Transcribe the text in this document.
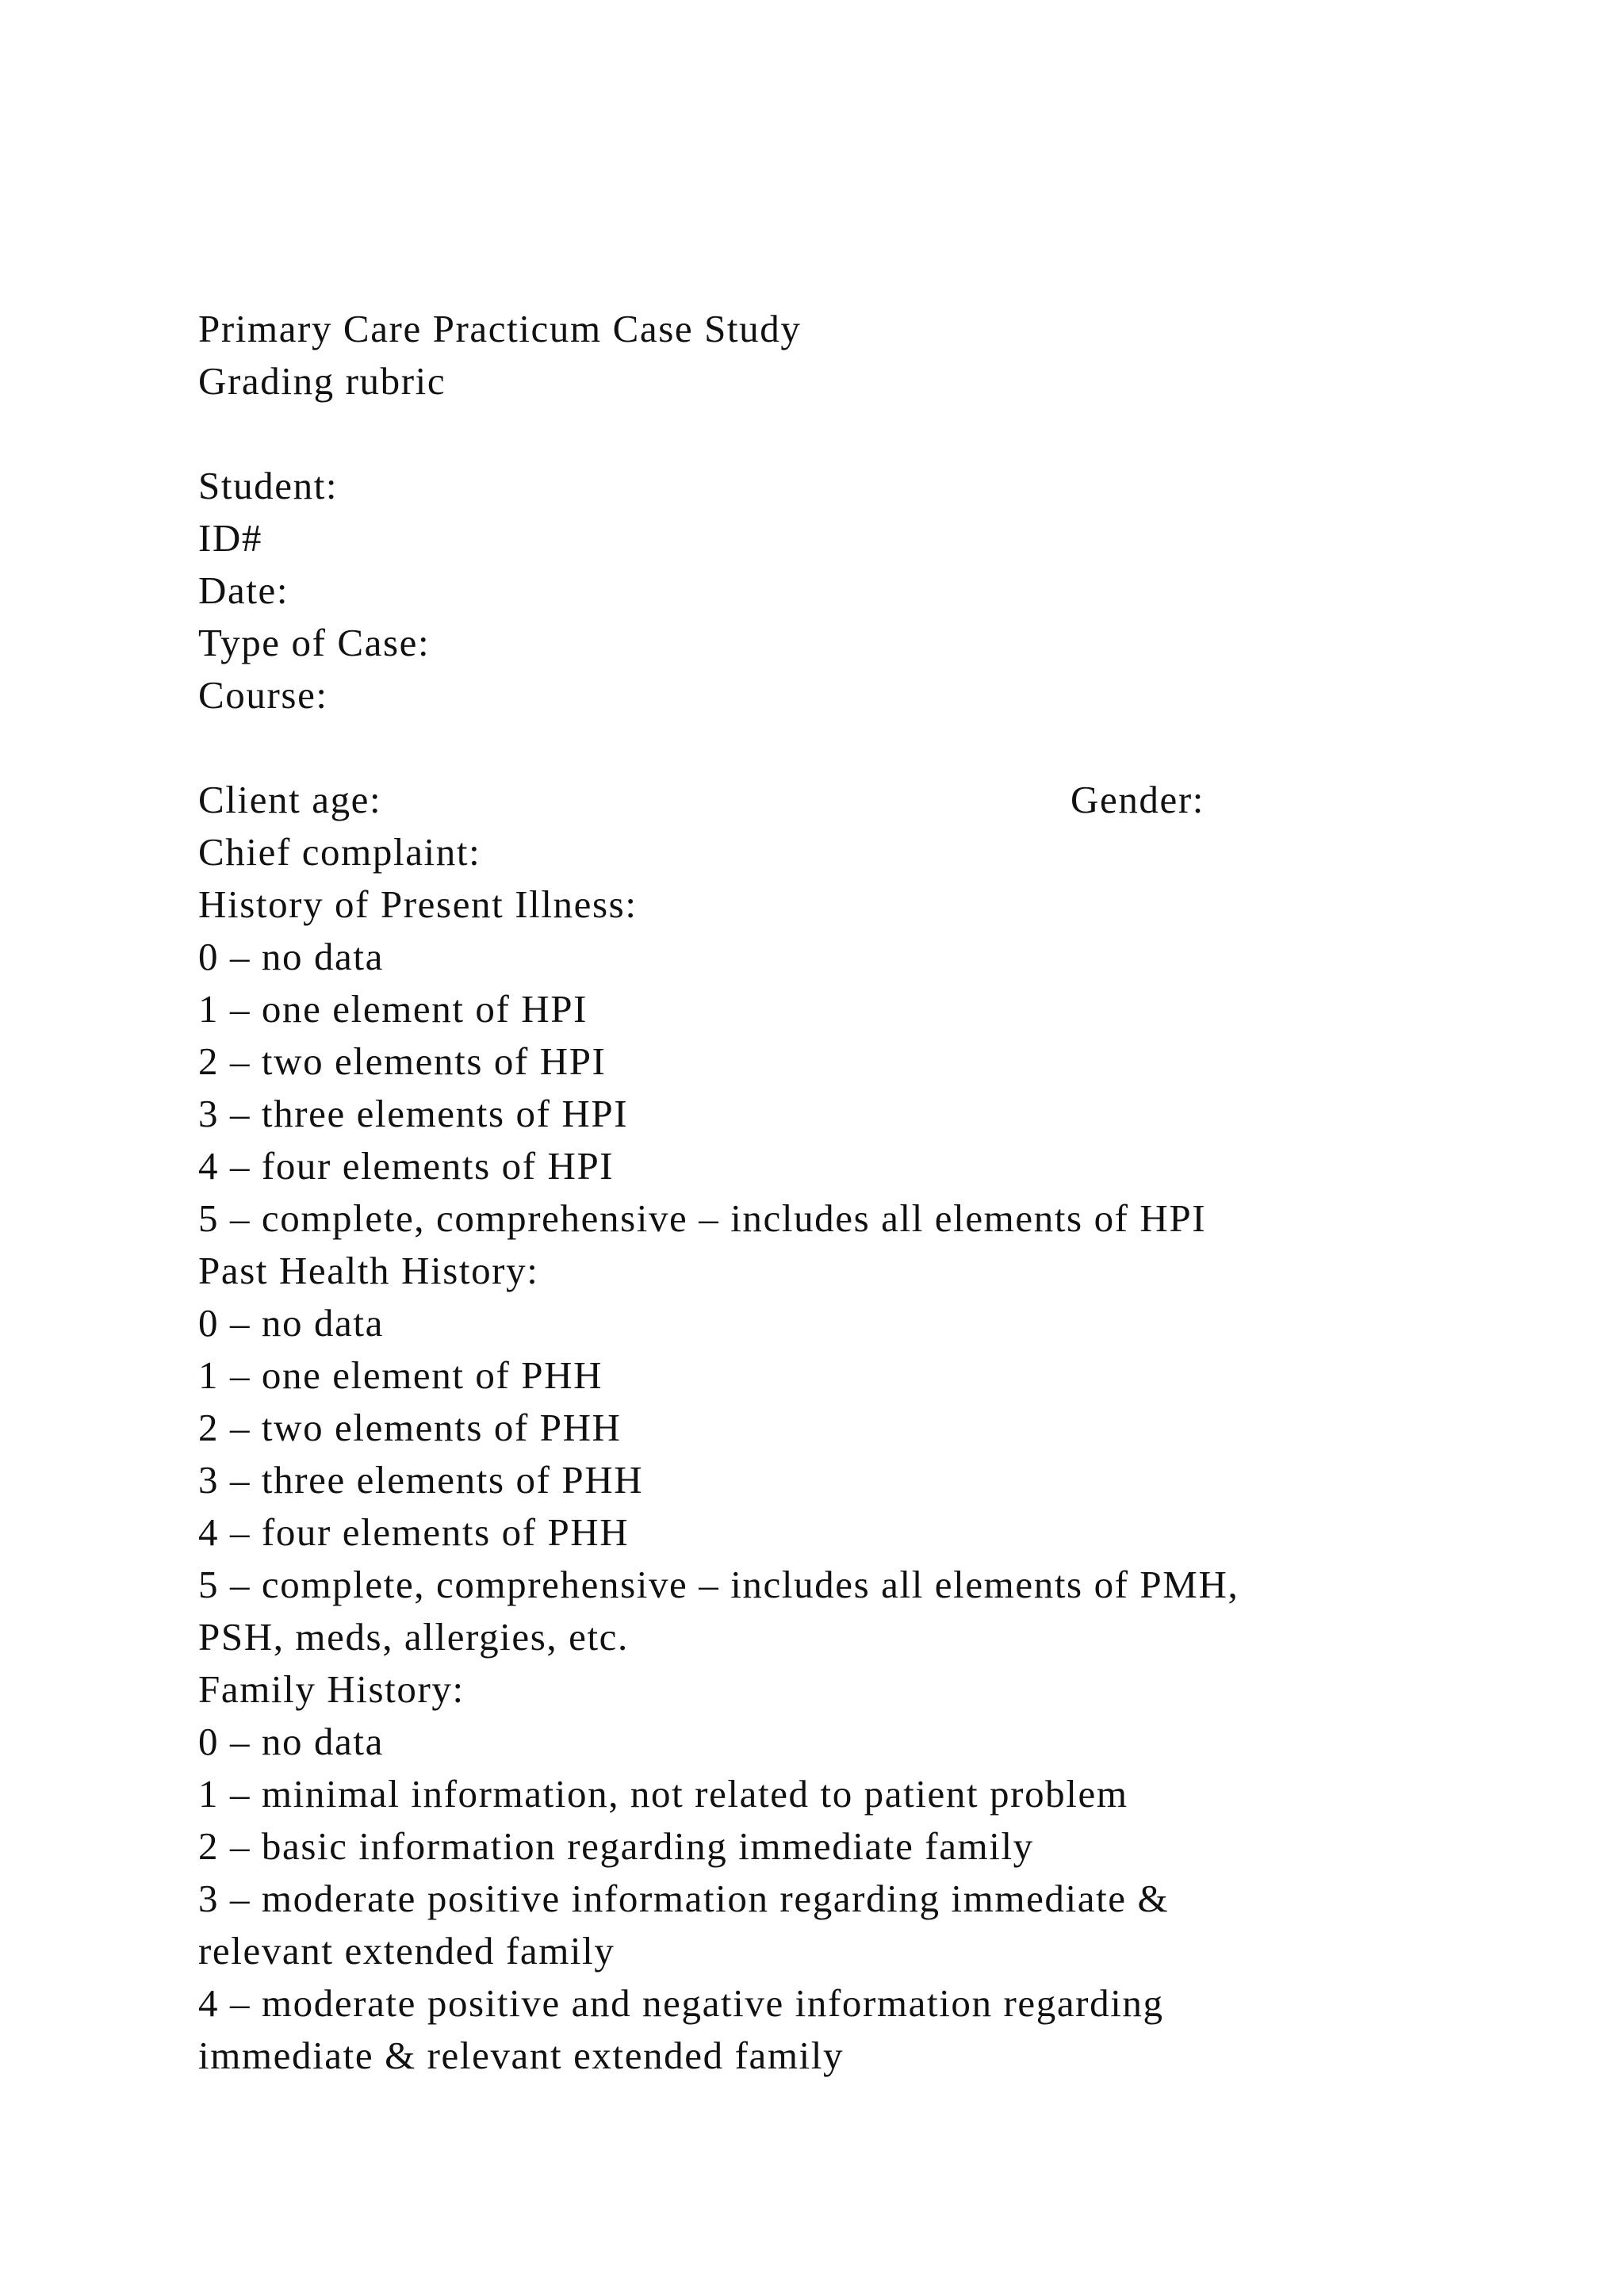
Primary Care Practicum Case Study
Grading rubric
Student:
ID#
Date:
Type of Case:
Course:
Client age:	Gender:
Chief complaint:
History of Present Illness:
0 – no data
1 – one element of HPI
2 – two elements of HPI
3 – three elements of HPI
4 – four elements of HPI
5 – complete, comprehensive – includes all elements of HPI
Past Health History:
0 – no data
1 – one element of PHH
2 – two elements of PHH
3 – three elements of PHH
4 – four elements of PHH
5 – complete, comprehensive – includes all elements of PMH,
PSH, meds, allergies, etc.
Family History:
0 – no data
1 – minimal information, not related to patient problem
2 – basic information regarding immediate family
3 – moderate positive information regarding immediate &
relevant extended family
4 – moderate positive and negative information regarding
immediate & relevant extended family
